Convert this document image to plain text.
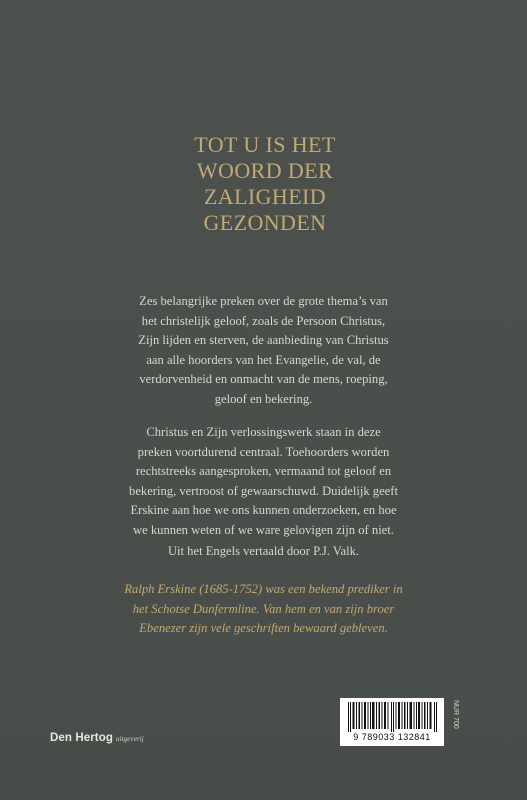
TOT U IS HET
WOORD DER
ZALIGHEID
GEZONDEN
Zes belangrijke preken over de grote thema’s van
het christelijk geloof, zoals de Persoon Christus,
Zijn lijden en sterven, de aanbieding van Christus
aan alle hoorders van het Evangelie, de val, de
verdorvenheid en onmacht van de mens, roeping,
geloof en bekering.
Christus en Zijn verlossingswerk staan in deze
preken voortdurend centraal. Toehoorders worden
rechtstreeks aangesproken, vermaand tot geloof en
bekering, vertroost of gewaarschuwd. Duidelijk geeft
Erskine aan hoe we ons kunnen onderzoeken, en hoe
we kunnen weten of we ware gelovigen zijn of niet.
Uit het Engels vertaald door P.J. Valk.
Ralph Erskine (1685-1752) was een bekend prediker in
het Schotse Dunfermline. Van hem en van zijn broer
Ebenezer zijn vele geschriften bewaard gebleven.
Den Hertog uitgeverij	9 789033 132841
NUR 700
